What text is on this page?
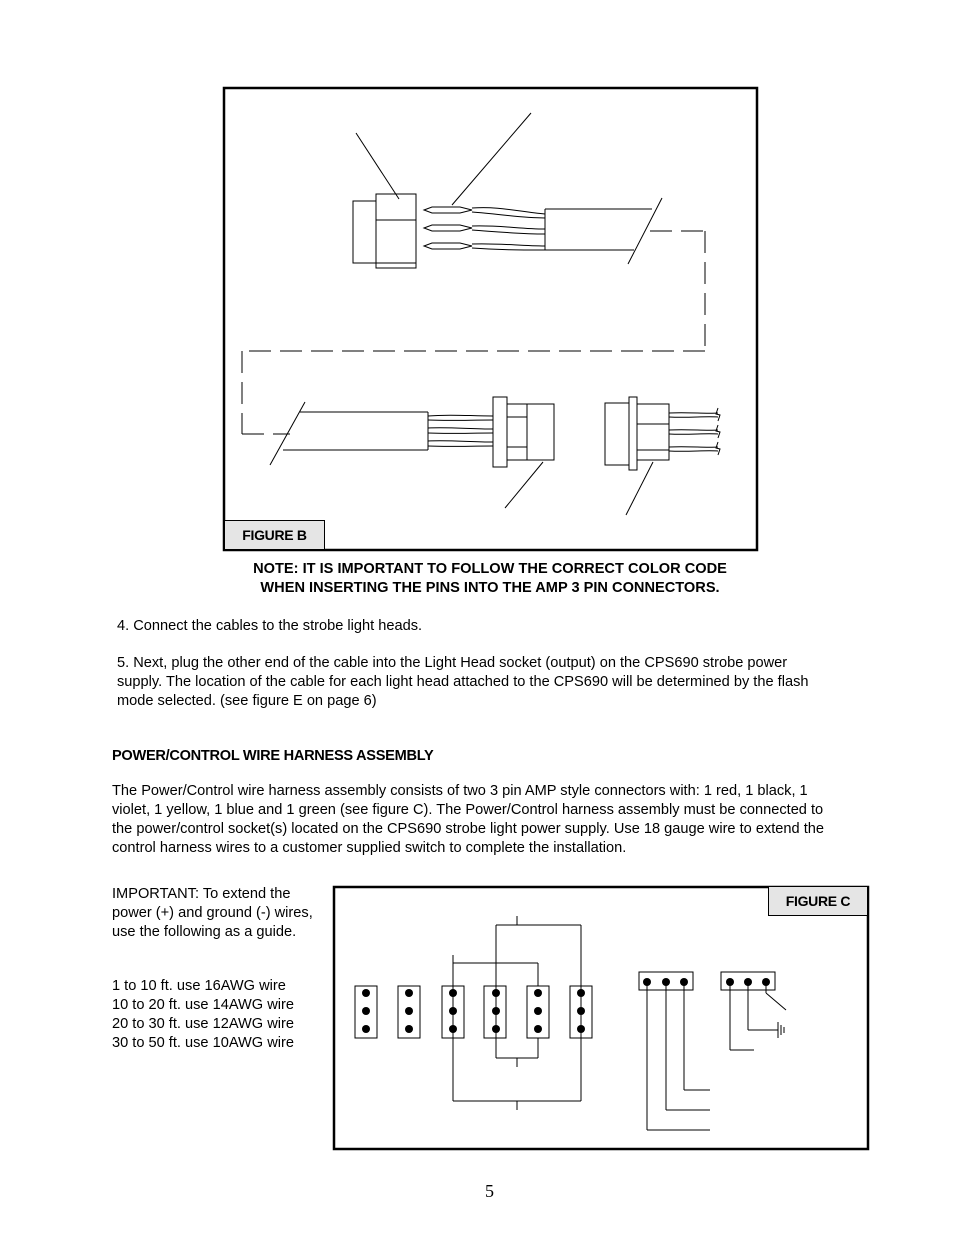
FIGURE B
NOTE: IT IS IMPORTANT TO FOLLOW THE CORRECT COLOR CODE
WHEN INSERTING THE PINS INTO THE AMP 3 PIN CONNECTORS.
4. Connect the cables to the strobe light heads.
5. Next, plug the other end of the cable into the Light Head socket (output) on the CPS690 strobe power
supply. The location of the cable for each light head attached to the CPS690 will be determined by the flash
mode selected. (see figure E on page 6)
POWER/CONTROL WIRE HARNESS ASSEMBLY
The Power/Control wire harness assembly consists of two 3 pin AMP style connectors with: 1 red, 1 black, 1
violet, 1 yellow, 1 blue and 1 green (see figure C). The Power/Control harness assembly must be connected to
the power/control socket(s) located on the CPS690 strobe light power supply. Use 18 gauge wire to extend the
control harness wires to a customer supplied switch to complete the installation.
IMPORTANT: To extend the
power (+) and ground (-) wires,
use the following as a guide.
1 to 10 ft. use 16AWG wire
10 to 20 ft. use 14AWG wire
20 to 30 ft. use 12AWG wire
30 to 50 ft. use 10AWG wire
FIGURE C
5
